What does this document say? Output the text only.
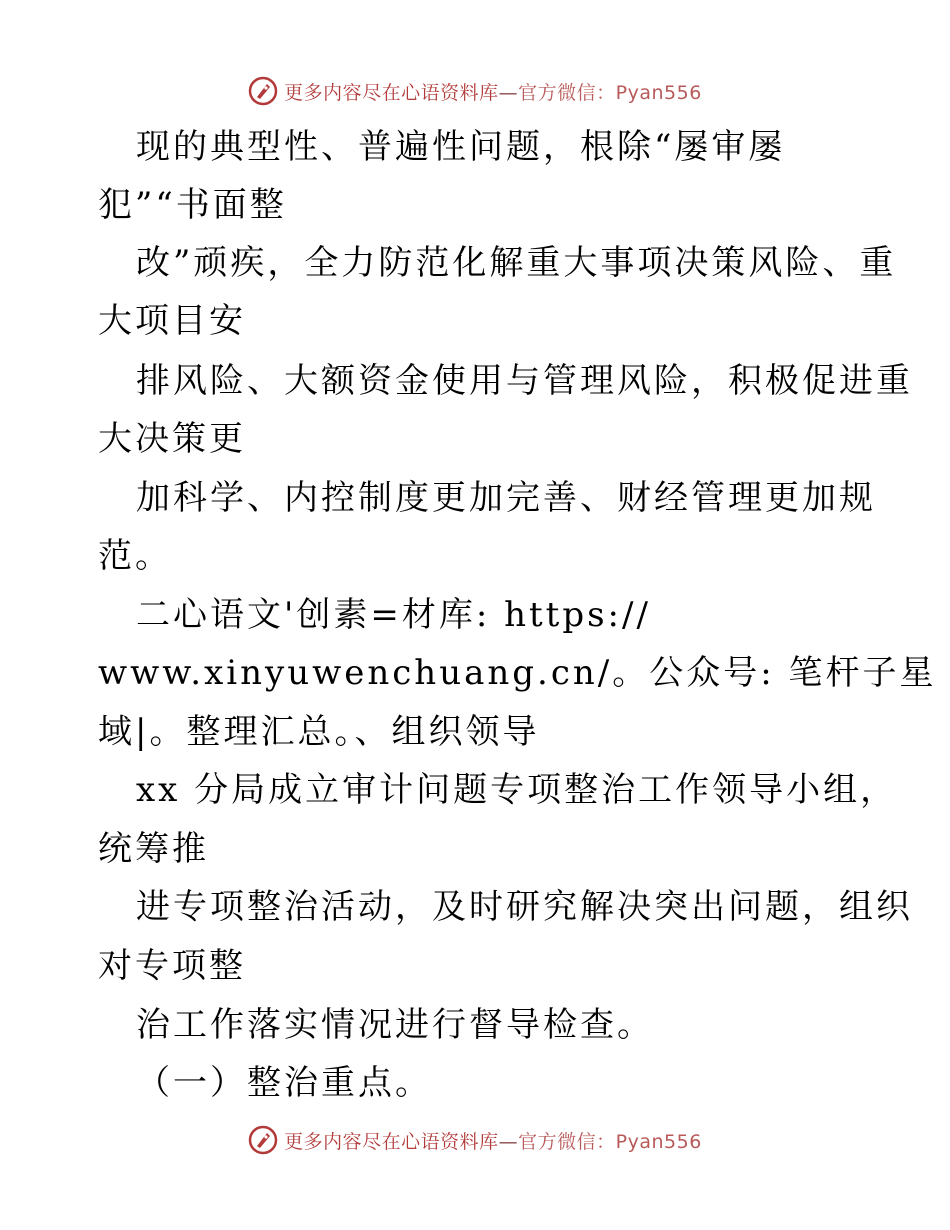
更多内容尽在心语资料库—官方微信：Pyan556
现的典型性、普遍性问题，根除“屡审屡
犯”“书面整
改”顽疾，全力防范化解重大事项决策风险、重
大项目安
排风险、大额资金使用与管理风险，积极促进重
大决策更
加科学、内控制度更加完善、财经管理更加规
范。
二心语文'创素=材库: https://
www.xinyuwenchuang.cn/。公众号: 笔杆子星
域|。整理汇总。、组织领导
xx 分局成立审计问题专项整治工作领导小组，
统筹推
进专项整治活动，及时研究解决突出问题，组织
对专项整
治工作落实情况进行督导检查。
（一）整治重点。
更多内容尽在心语资料库—官方微信：Pyan556
